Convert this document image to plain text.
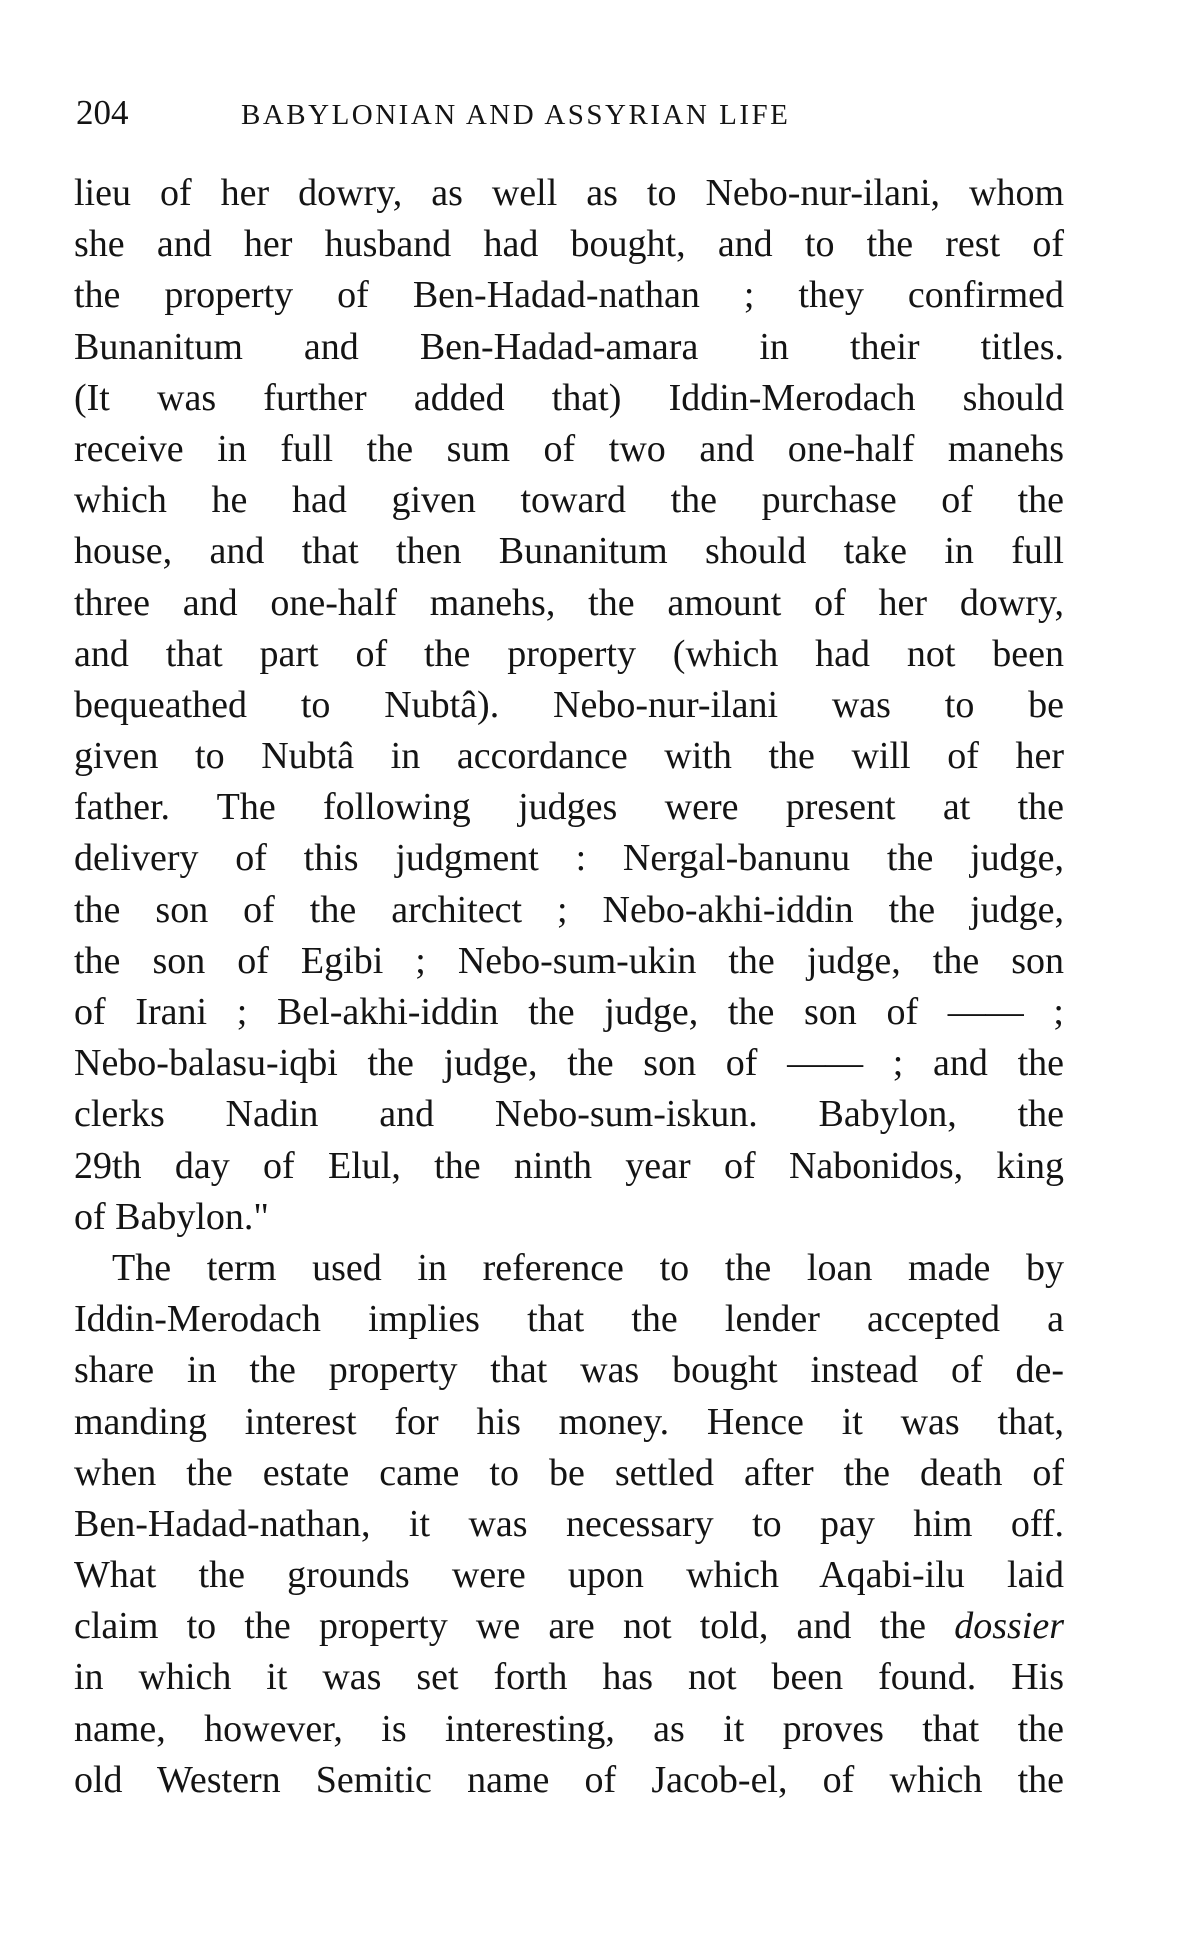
204	BABYLONIAN AND ASSYRIAN LIFE
lieu of her dowry, as well as to Nebo-nur-ilani, whom
she and her husband had bought, and to the rest of
the property of Ben-Hadad-nathan ; they confirmed
Bunanitum and Ben-Hadad-amara in their titles.
(It was further added that) Iddin-Merodach should
receive in full the sum of two and one-half manehs
which he had given toward the purchase of the
house, and that then Bunanitum should take in full
three and one-half manehs, the amount of her dowry,
and that part of the property (which had not been
bequeathed to Nubtâ). Nebo-nur-ilani was to be
given to Nubtâ in accordance with the will of her
father. The following judges were present at the
delivery of this judgment : Nergal-banunu the judge,
the son of the architect ; Nebo-akhi-iddin the judge,
the son of Egibi ; Nebo-sum-ukin the judge, the son
of Irani ; Bel-akhi-iddin the judge, the son of —— ;
Nebo-balasu-iqbi the judge, the son of —— ; and the
clerks Nadin and Nebo-sum-iskun. Babylon, the
29th day of Elul, the ninth year of Nabonidos, king
of Babylon."
The term used in reference to the loan made by
Iddin-Merodach implies that the lender accepted a
share in the property that was bought instead of de-
manding interest for his money. Hence it was that,
when the estate came to be settled after the death of
Ben-Hadad-nathan, it was necessary to pay him off.
What the grounds were upon which Aqabi-ilu laid
claim to the property we are not told, and the dossier
in which it was set forth has not been found. His
name, however, is interesting, as it proves that the
old Western Semitic name of Jacob-el, of which the
